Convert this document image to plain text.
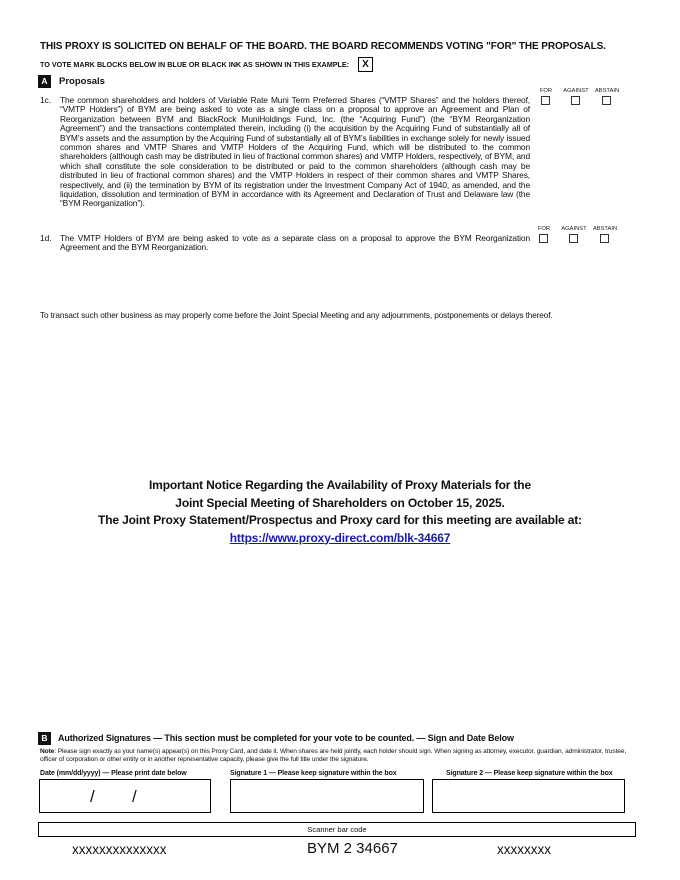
THIS PROXY IS SOLICITED ON BEHALF OF THE BOARD. THE BOARD RECOMMENDS VOTING "FOR" THE PROPOSALS.
TO VOTE MARK BLOCKS BELOW IN BLUE OR BLACK INK AS SHOWN IN THIS EXAMPLE:	X
A	Proposals
FOR	AGAINST	ABSTAIN
1c. The common shareholders and holders of Variable Rate Muni Term Preferred Shares (“VMTP Shares” and the holders thereof, “VMTP Holders”) of BYM are being asked to vote as a single class on a proposal to approve an Agreement and Plan of Reorganization between BYM and BlackRock MuniHoldings Fund, Inc. (the “Acquiring Fund”) (the “BYM Reorganization Agreement”) and the transactions contemplated therein, including (i) the acquisition by the Acquiring Fund of substantially all of BYM’s assets and the assumption by the Acquiring Fund of substantially all of BYM’s liabilities in exchange solely for newly issued common shares and VMTP Shares and VMTP Holders of the Acquiring Fund, which will be distributed to the common shareholders (although cash may be distributed in lieu of fractional common shares) and VMTP Holders, respectively, of BYM, and which shall constitute the sole consideration to be distributed or paid to the common shareholders (although cash may be distributed in lieu of fractional common shares) and the VMTP Holders in respect of their common shares and VMTP Shares, respectively, and (ii) the termination by BYM of its registration under the Investment Company Act of 1940, as amended, and the liquidation, dissolution and termination of BYM in accordance with its Agreement and Declaration of Trust and Delaware law (the “BYM Reorganization”).
FOR	AGAINST	ABSTAIN
1d. The VMTP Holders of BYM are being asked to vote as a separate class on a proposal to approve the BYM Reorganization Agreement and the BYM Reorganization.
To transact such other business as may properly come before the Joint Special Meeting and any adjournments, postponements or delays thereof.
Important Notice Regarding the Availability of Proxy Materials for the
Joint Special Meeting of Shareholders on October 15, 2025.
The Joint Proxy Statement/Prospectus and Proxy card for this meeting are available at:
https://www.proxy-direct.com/blk-34667
B	Authorized Signatures — This section must be completed for your vote to be counted. — Sign and Date Below
Note: Please sign exactly as your name(s) appear(s) on this Proxy Card, and date it. When shares are held jointly, each holder should sign. When signing as attorney, executor, guardian, administrator, trustee, officer of corporation or other entity or in another representative capacity, please give the full title under the signature.
Date (mm/dd/yyyy) — Please print date below	Signature 1 — Please keep signature within the box	Signature 2 — Please keep signature within the box
/ /
Scanner bar code
xxxxxxxxxxxxxx	BYM 2 34667	xxxxxxxx
